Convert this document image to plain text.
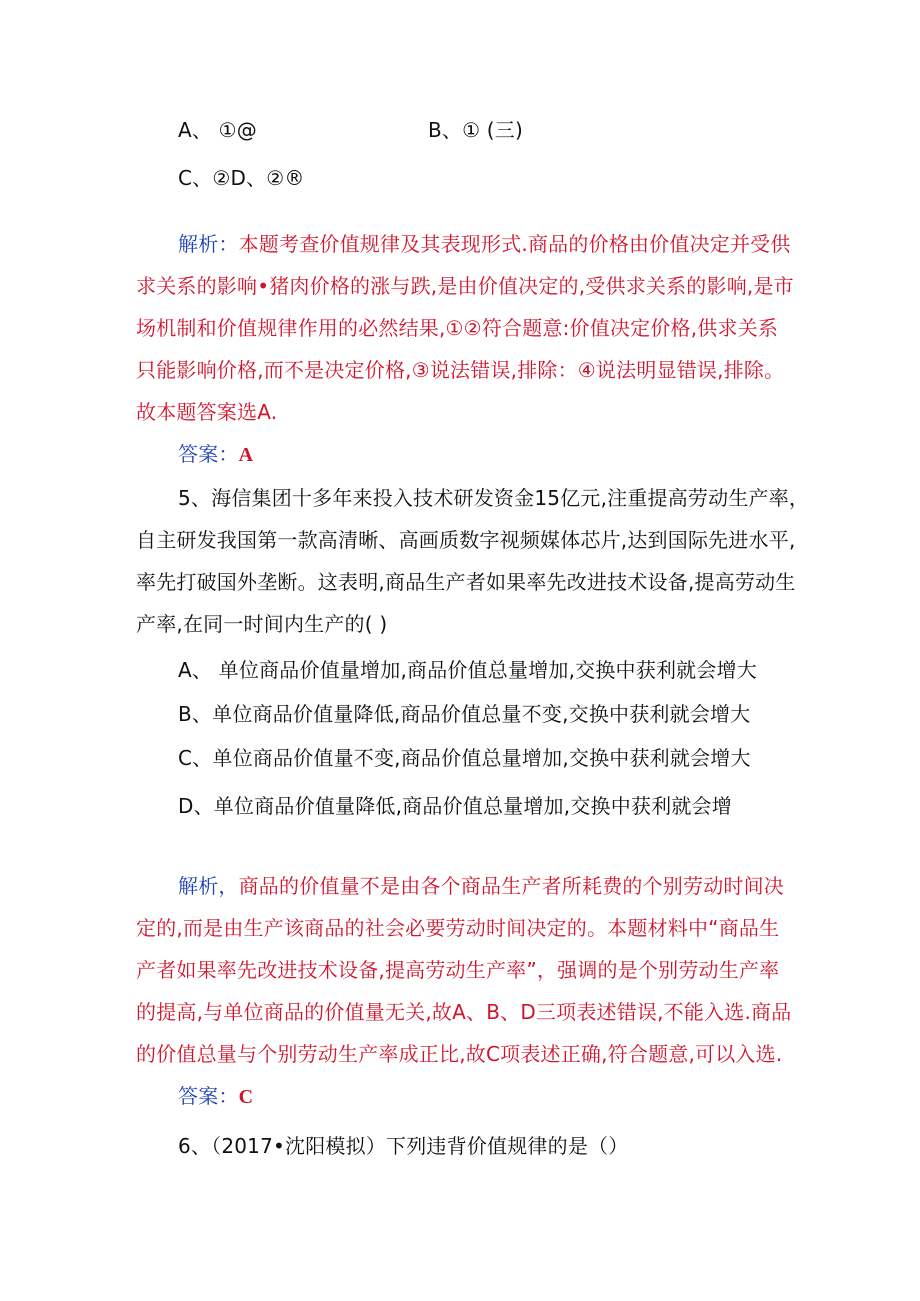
A、 ①@	B、① (三)
C、②D、②®
解析：本题考查价值规律及其表现形式.商品的价格由价值决定并受供
求关系的影响•猪肉价格的涨与跌,是由价值决定的,受供求关系的影响,是市
场机制和价值规律作用的必然结果,①②符合题意:价值决定价格,供求关系
只能影响价格,而不是决定价格,③说法错误,排除：④说法明显错误,排除。
故本题答案选A.
答案：A
5、海信集团十多年来投入技术研发资金15亿元,注重提高劳动生产率，
自主研发我国第一款高清晰、高画质数字视频媒体芯片,达到国际先进水平,
率先打破国外垄断。这表明,商品生产者如果率先改进技术设备,提高劳动生
产率,在同一时间内生产的( )
A、 单位商品价值量增加,商品价值总量增加,交换中获利就会增大
B、单位商品价值量降低,商品价值总量不变,交换中获利就会增大
C、单位商品价值量不变,商品价值总量增加,交换中获利就会增大
D、单位商品价值量降低,商品价值总量增加,交换中获利就会增
解析，商品的价值量不是由各个商品生产者所耗费的个别劳动时间决
定的,而是由生产该商品的社会必要劳动时间决定的。本题材料中“商品生
产者如果率先改进技术设备,提高劳动生产率”，强调的是个别劳动生产率
的提高,与单位商品的价值量无关,故A、B、D三项表述错误,不能入选.商品
的价值总量与个别劳动生产率成正比,故C项表述正确,符合题意,可以入选.
答案：C
6、（2017•沈阳模拟）下列违背价值规律的是（）
